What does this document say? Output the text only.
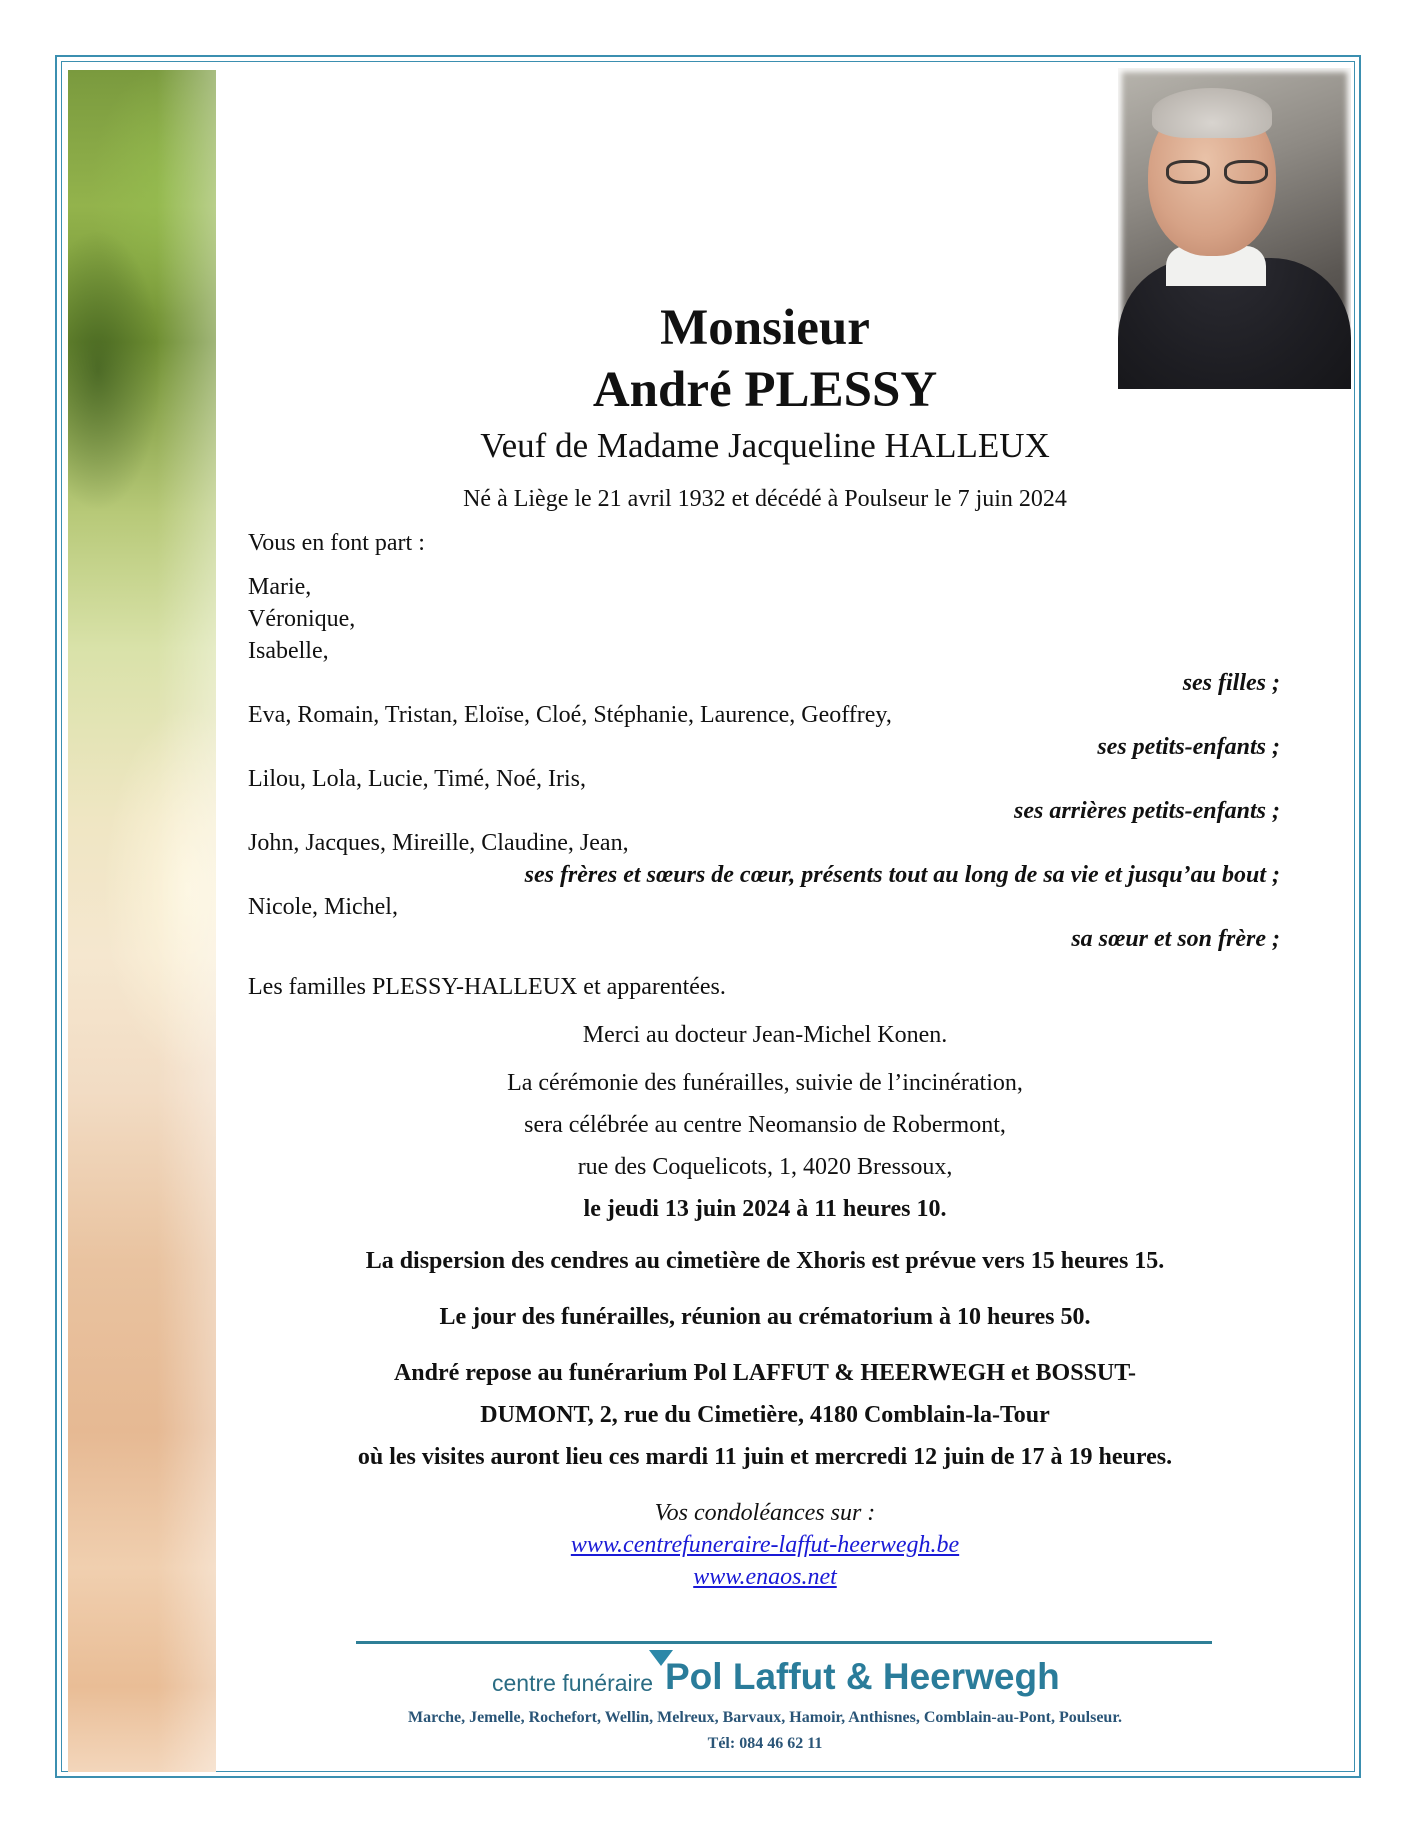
Monsieur
André PLESSY
Veuf de Madame Jacqueline HALLEUX
Né à Liège le 21 avril 1932 et décédé à Poulseur le 7 juin 2024
Vous en font part :
Marie,
Véronique,
Isabelle,
ses filles ;
Eva, Romain, Tristan, Eloïse, Cloé, Stéphanie, Laurence, Geoffrey,
ses petits-enfants ;
Lilou, Lola, Lucie, Timé, Noé, Iris,
ses arrières petits-enfants ;
John, Jacques, Mireille, Claudine, Jean,
ses frères et sœurs de cœur, présents tout au long de sa vie et jusqu’au bout ;
Nicole, Michel,
sa sœur et son frère ;
Les familles PLESSY-HALLEUX et apparentées.
Merci au docteur Jean-Michel Konen.
La cérémonie des funérailles, suivie de l’incinération,
sera célébrée au centre Neomansio de Robermont,
rue des Coquelicots, 1, 4020 Bressoux,
le jeudi 13 juin 2024 à 11 heures 10.
La dispersion des cendres au cimetière de Xhoris est prévue vers 15 heures 15.
Le jour des funérailles, réunion au crématorium à 10 heures 50.
André repose au funérarium Pol LAFFUT & HEERWEGH et BOSSUT-
DUMONT, 2, rue du Cimetière, 4180 Comblain-la-Tour
où les visites auront lieu ces mardi 11 juin et mercredi 12 juin de 17 à 19 heures.
Vos condoléances sur :
www.centrefuneraire-laffut-heerwegh.be
www.enaos.net
centre funéraire Pol Laffut & Heerwegh
Marche, Jemelle, Rochefort, Wellin, Melreux, Barvaux, Hamoir, Anthisnes, Comblain-au-Pont, Poulseur.
Tél: 084 46 62 11
